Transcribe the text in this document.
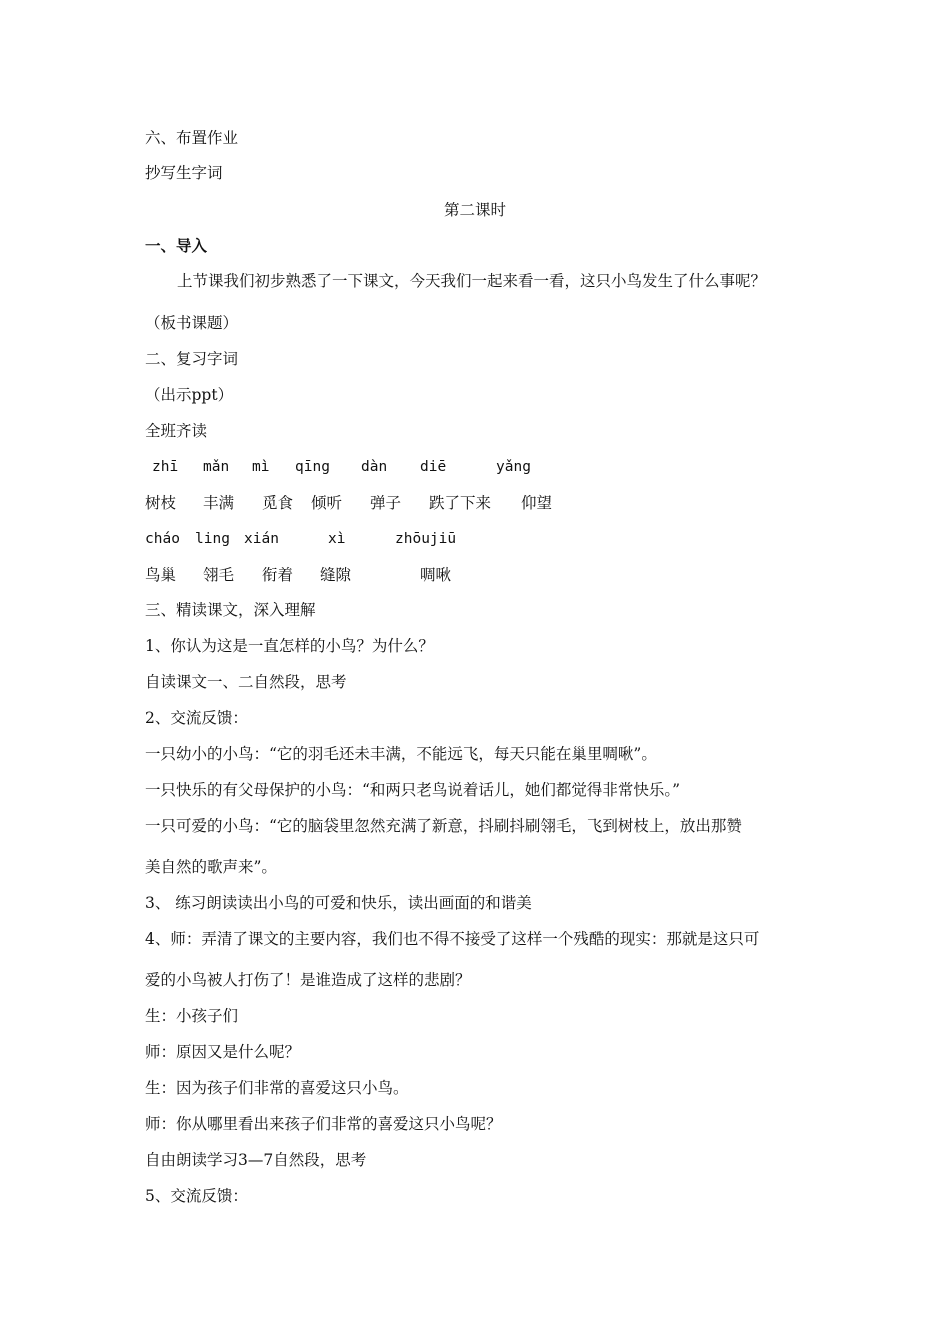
六、布置作业
抄写生字词
第二课时
一、导入
上节课我们初步熟悉了一下课文，今天我们一起来看一看，这只小鸟发生了什么事呢？
（板书课题）
二、复习字词
（出示ppt）
全班齐读
zhī mǎn mì qīng dàn diē	yǎng
树枝 丰满 觅食 倾听 弹子 跌了下来 仰望
cháo ling xián	xì	zhōujiū
鸟巢 翎毛 衔着 缝隙	啁啾
三、精读课文，深入理解
1、你认为这是一直怎样的小鸟？为什么？
自读课文一、二自然段，思考
2、交流反馈：
一只幼小的小鸟：“它的羽毛还未丰满，不能远飞，每天只能在巢里啁啾”。
一只快乐的有父母保护的小鸟：“和两只老鸟说着话儿，她们都觉得非常快乐。”
一只可爱的小鸟：“它的脑袋里忽然充满了新意，抖刷抖刷翎毛，飞到树枝上，放出那赞
美自然的歌声来”。
3、 练习朗读读出小鸟的可爱和快乐，读出画面的和谐美
4、师：弄清了课文的主要内容，我们也不得不接受了这样一个残酷的现实：那就是这只可
爱的小鸟被人打伤了！是谁造成了这样的悲剧？
生：小孩子们
师：原因又是什么呢？
生：因为孩子们非常的喜爱这只小鸟。
师：你从哪里看出来孩子们非常的喜爱这只小鸟呢？
自由朗读学习3—7自然段，思考
5、交流反馈：
